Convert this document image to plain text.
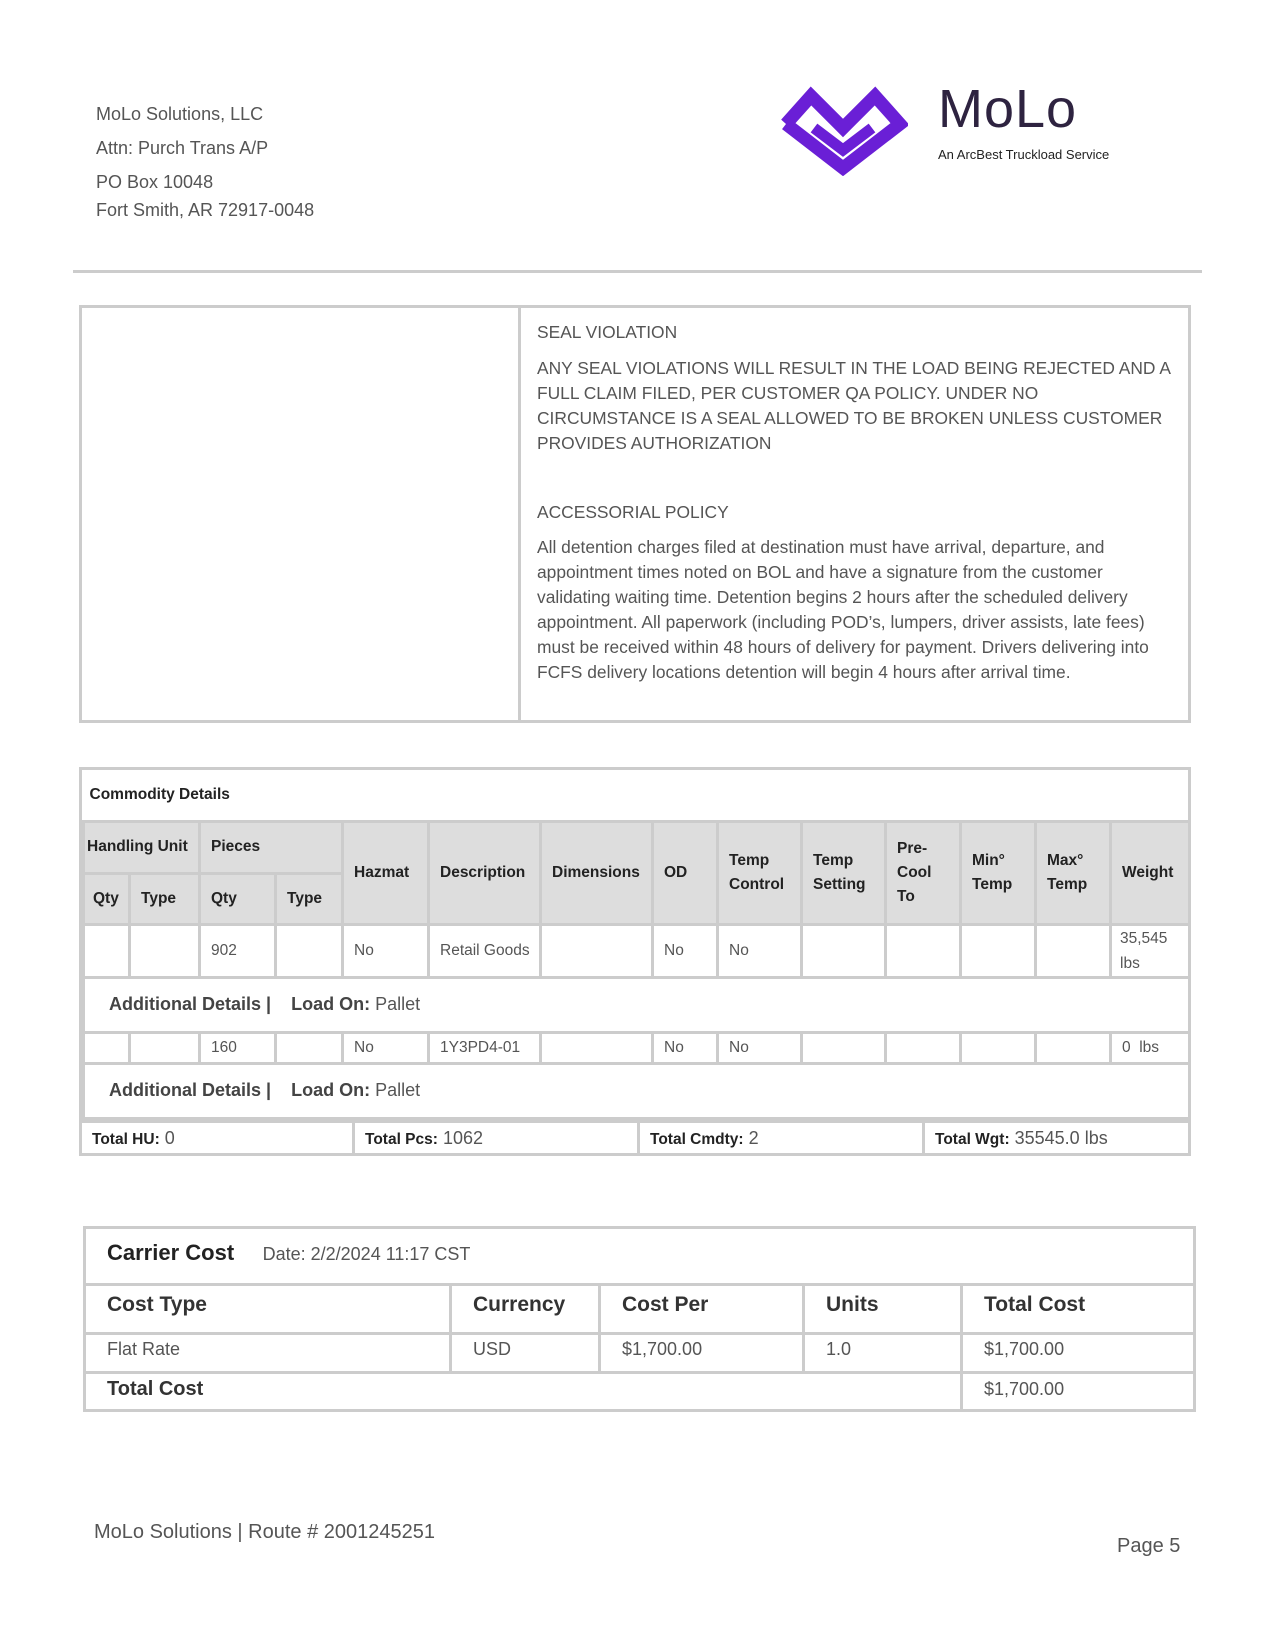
MoLo Solutions, LLC
Attn: Purch Trans A/P
PO Box 10048
Fort Smith, AR 72917-0048
MoLo
An ArcBest Truckload Service
SEAL VIOLATION
ANY SEAL VIOLATIONS WILL RESULT IN THE LOAD BEING REJECTED AND A FULL CLAIM FILED, PER CUSTOMER QA POLICY. UNDER NO CIRCUMSTANCE IS A SEAL ALLOWED TO BE BROKEN UNLESS CUSTOMER PROVIDES AUTHORIZATION
ACCESSORIAL POLICY
All detention charges filed at destination must have arrival, departure, and appointment times noted on BOL and have a signature from the customer validating waiting time. Detention begins 2 hours after the scheduled delivery appointment. All paperwork (including POD’s, lumpers, driver assists, late fees) must be received within 48 hours of delivery for payment. Drivers delivering into FCFS delivery locations detention will begin 4 hours after arrival time.
Commodity Details													
Handling Unit		Pieces		Hazmat	Description	Dimensions	OD	Temp Control	Temp Setting	Pre- Cool To	Min° Temp	Max° Temp	Weight
Qty	Type	Qty	Type										
		902		No	Retail Goods		No	No					35,545 lbs
Additional Details | Load On: Pallet													
		160		No	1Y3PD4-01		No	No					0  lbs
Additional Details | Load On: Pallet													
Total HU: 0	Total Pcs: 1062	Total Cmdty: 2	Total Wgt: 35545.0 lbs
Carrier Cost Date: 2/2/2024 11:17 CST
Cost Type	Currency	Cost Per	Units	Total Cost
Flat Rate	USD	$1,700.00	1.0	$1,700.00
Total Cost	$1,700.00
MoLo Solutions | Route # 2001245251
Page 5
